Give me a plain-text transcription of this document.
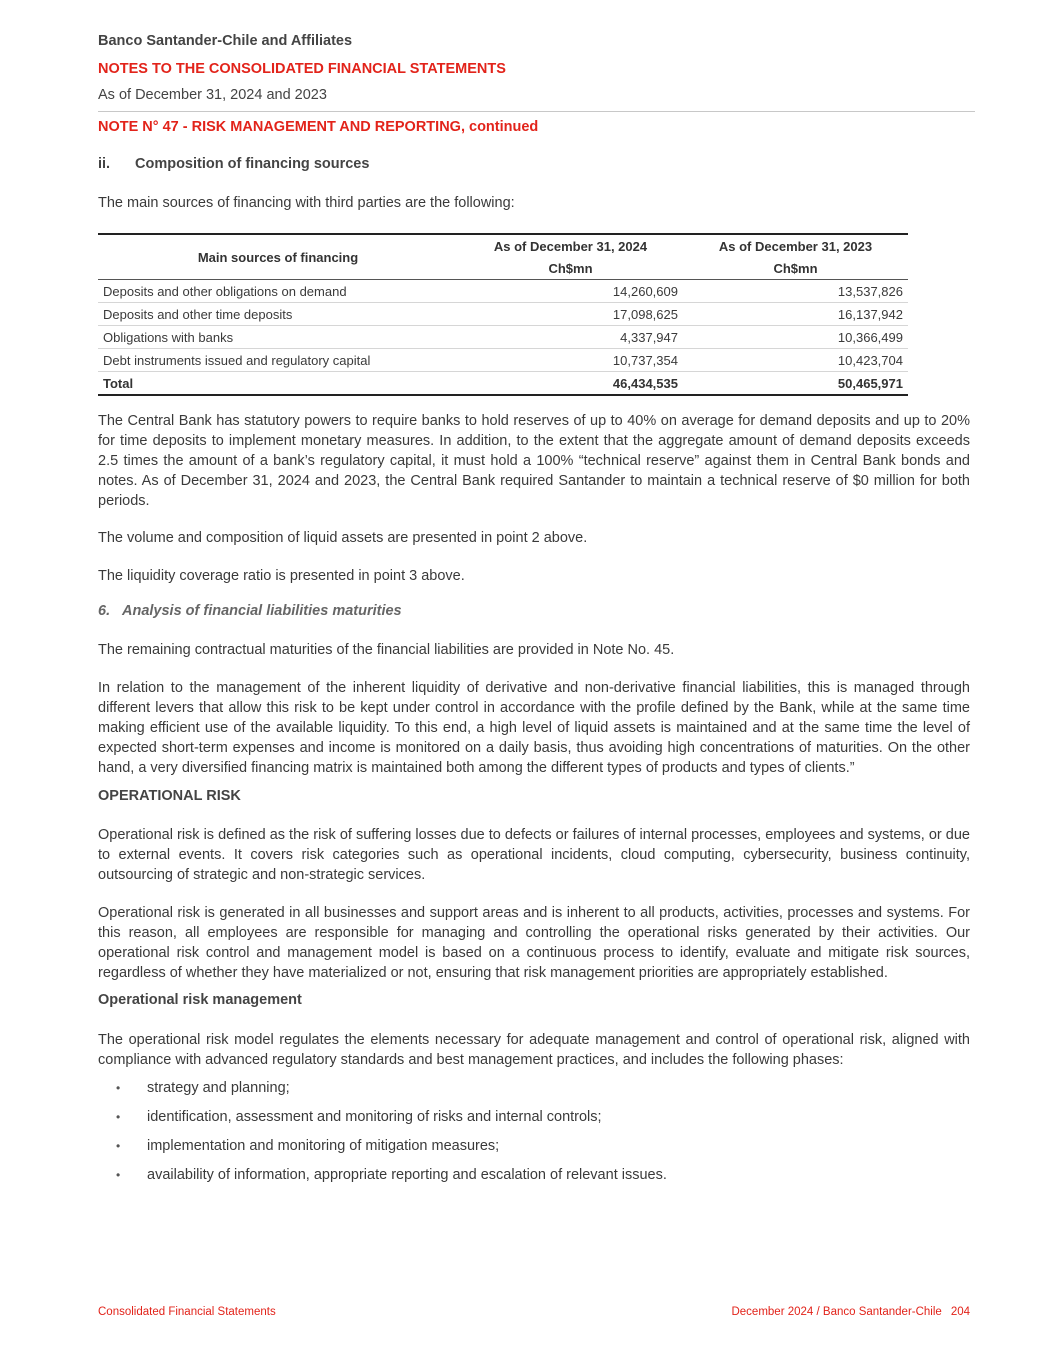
Banco Santander-Chile and Affiliates
NOTES TO THE CONSOLIDATED FINANCIAL STATEMENTS
As of December 31, 2024 and 2023
NOTE N° 47 - RISK MANAGEMENT AND REPORTING, continued
ii. Composition of financing sources
The main sources of financing with third parties are the following:

Main sources of financing	As of December 31, 2024	As of December 31, 2023
	Ch$mn	Ch$mn
Deposits and other obligations on demand	14,260,609	13,537,826
Deposits and other time deposits	17,098,625	16,137,942
Obligations with banks	4,337,947	10,366,499
Debt instruments issued and regulatory capital	10,737,354	10,423,704
Total	46,434,535	50,465,971
The Central Bank has statutory powers to require banks to hold reserves of up to 40% on average for demand deposits and up to 20% for time deposits to implement monetary measures. In addition, to the extent that the aggregate amount of demand deposits exceeds 2.5 times the amount of a bank’s regulatory capital, it must hold a 100% “technical reserve” against them in Central Bank bonds and notes. As of December 31, 2024 and 2023, the Central Bank required Santander to maintain a technical reserve of $0 million for both periods.
The volume and composition of liquid assets are presented in point 2 above.
The liquidity coverage ratio is presented in point 3 above.
6. Analysis of financial liabilities maturities
The remaining contractual maturities of the financial liabilities are provided in Note No. 45.
In relation to the management of the inherent liquidity of derivative and non-derivative financial liabilities, this is managed through different levers that allow this risk to be kept under control in accordance with the profile defined by the Bank, while at the same time making efficient use of the available liquidity. To this end, a high level of liquid assets is maintained and at the same time the level of expected short-term expenses and income is monitored on a daily basis, thus avoiding high concentrations of maturities. On the other hand, a very diversified financing matrix is maintained both among the different types of products and types of clients.”
OPERATIONAL RISK
Operational risk is defined as the risk of suffering losses due to defects or failures of internal processes, employees and systems, or due to external events. It covers risk categories such as operational incidents, cloud computing, cybersecurity, business continuity, outsourcing of strategic and non-strategic services.
Operational risk is generated in all businesses and support areas and is inherent to all products, activities, processes and systems. For this reason, all employees are responsible for managing and controlling the operational risks generated by their activities. Our operational risk control and management model is based on a continuous process to identify, evaluate and mitigate risk sources, regardless of whether they have materialized or not, ensuring that risk management priorities are appropriately established.
Operational risk management
The operational risk model regulates the elements necessary for adequate management and control of operational risk, aligned with compliance with advanced regulatory standards and best management practices, and includes the following phases:
• strategy and planning;
• identification, assessment and monitoring of risks and internal controls;
• implementation and monitoring of mitigation measures;
• availability of information, appropriate reporting and escalation of relevant issues.
Consolidated Financial Statements	December 2024 / Banco Santander-Chile 204
